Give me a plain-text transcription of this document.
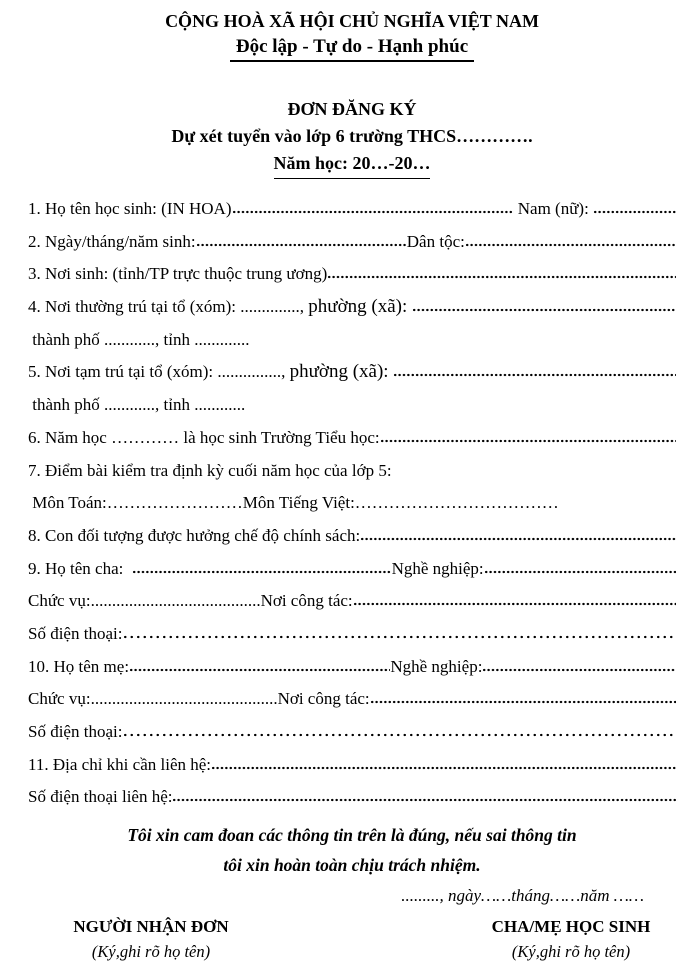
CỘNG HOÀ XÃ HỘI CHỦ NGHĨA VIỆT NAM
Độc lập - Tự do - Hạnh phúc
ĐƠN ĐĂNG KÝ
Dự xét tuyển vào lớp 6 trường THCS………….
Năm học: 20…-20…
1. Họ tên học sinh: (IN HOA)	Nam (nữ):
2. Ngày/tháng/năm sinh:	Dân tộc:
3. Nơi sinh: (tỉnh/TP trực thuộc trung ương)
4. Nơi thường trú tại tổ (xóm): .............., phường (xã):
thành phố ............, tỉnh .............
5. Nơi tạm trú tại tổ (xóm): ..............., phường (xã):
thành phố ............, tỉnh ............
6. Năm học ………… là học sinh Trường Tiểu học:
7. Điểm bài kiểm tra định kỳ cuối năm học của lớp 5:
Môn Toán:……………………Môn Tiếng Việt:………………………………
8. Con đối tượng được hưởng chế độ chính sách:
9. Họ tên cha:	Nghề nghiệp:
Chức vụ:........................................Nơi công tác:
Số điện thoại:
10. Họ tên mẹ:	Nghề nghiệp:
Chức vụ:............................................Nơi công tác:
Số điện thoại:
11. Địa chỉ khi cần liên hệ:
Số điện thoại liên hệ:
Tôi xin cam đoan các thông tin trên là đúng, nếu sai thông tin
tôi xin hoàn toàn chịu trách nhiệm.
........., ngày……tháng……năm ……
NGƯỜI NHẬN ĐƠN
(Ký,ghi rõ họ tên)
CHA/MẸ HỌC SINH
(Ký,ghi rõ họ tên)
